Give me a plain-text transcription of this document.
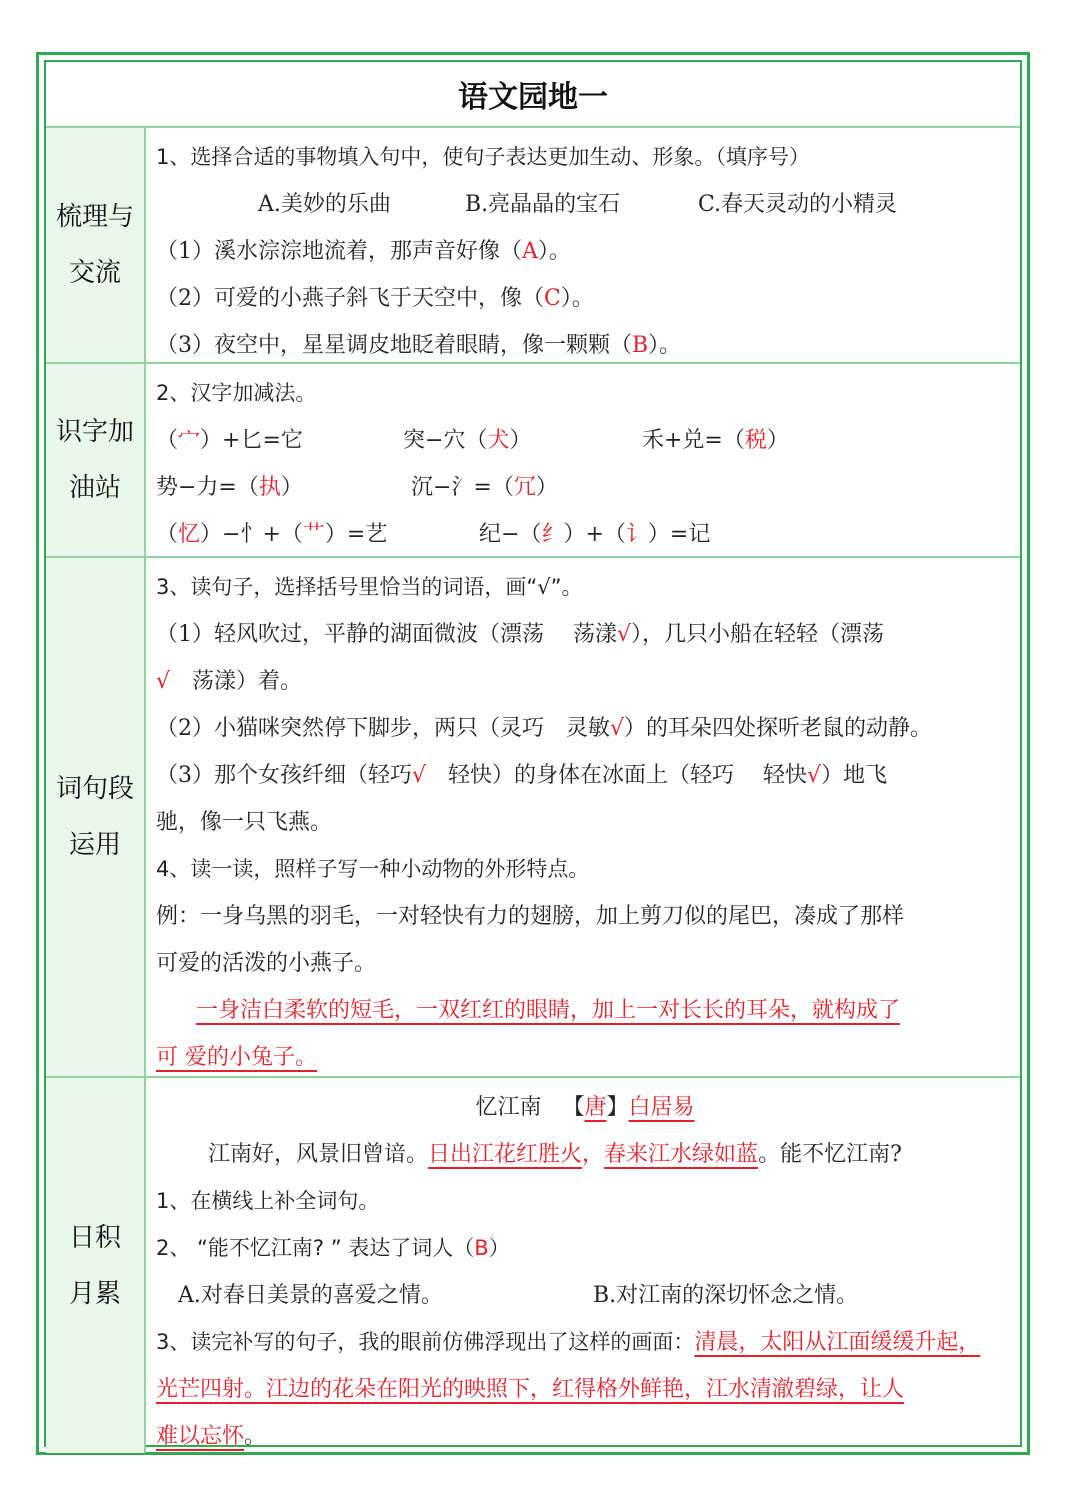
语文园地一
梳理与
交流
1、选择合适的事物填入句中，使句子表达更加生动、形象。（填序号）
A.美妙的乐曲	B.亮晶晶的宝石	C.春天灵动的小精灵
（1）溪水淙淙地流着，那声音好像（A）。
（2）可爱的小燕子斜飞于天空中，像（C）。
（3）夜空中，星星调皮地眨着眼睛，像一颗颗（B）。
识字加
油站
2、汉字加减法。
（宀）+匕=它	突−穴（犬）	禾+兑=（税）
势−力=（执）	沉−氵=（冗）
（忆）−忄+（艹）=艺	纪−（纟）+（讠）=记
词句段
运用
3、读句子，选择括号里恰当的词语，画“√”。
（1）轻风吹过，平静的湖面微波（漂荡　 荡漾√），几只小船在轻轻（漂荡
√　荡漾）着。
（2）小猫咪突然停下脚步，两只（灵巧　灵敏√）的耳朵四处探听老鼠的动静。
（3）那个女孩纤细（轻巧√　轻快）的身体在冰面上（轻巧　 轻快√）地飞
驰，像一只飞燕。
4、读一读，照样子写一种小动物的外形特点。
例：一身乌黑的羽毛，一对轻快有力的翅膀，加上剪刀似的尾巴，凑成了那样
可爱的活泼的小燕子。
一身洁白柔软的短毛，一双红红的眼睛，加上一对长长的耳朵，就构成了
可 爱的小兔子。
日积
月累
忆江南 【唐】白居易
江南好，风景旧曾谙。日出江花红胜火，春来江水绿如蓝。能不忆江南?
1、在横线上补全词句。
2、 “能不忆江南? ” 表达了词人（B）
A.对春日美景的喜爱之情。	B.对江南的深切怀念之情。
3、读完补写的句子，我的眼前仿佛浮现出了这样的画面：清晨，太阳从江面缓缓升起，
光芒四射。江边的花朵在阳光的映照下，红得格外鲜艳，江水清澈碧绿，让人
难以忘怀。
